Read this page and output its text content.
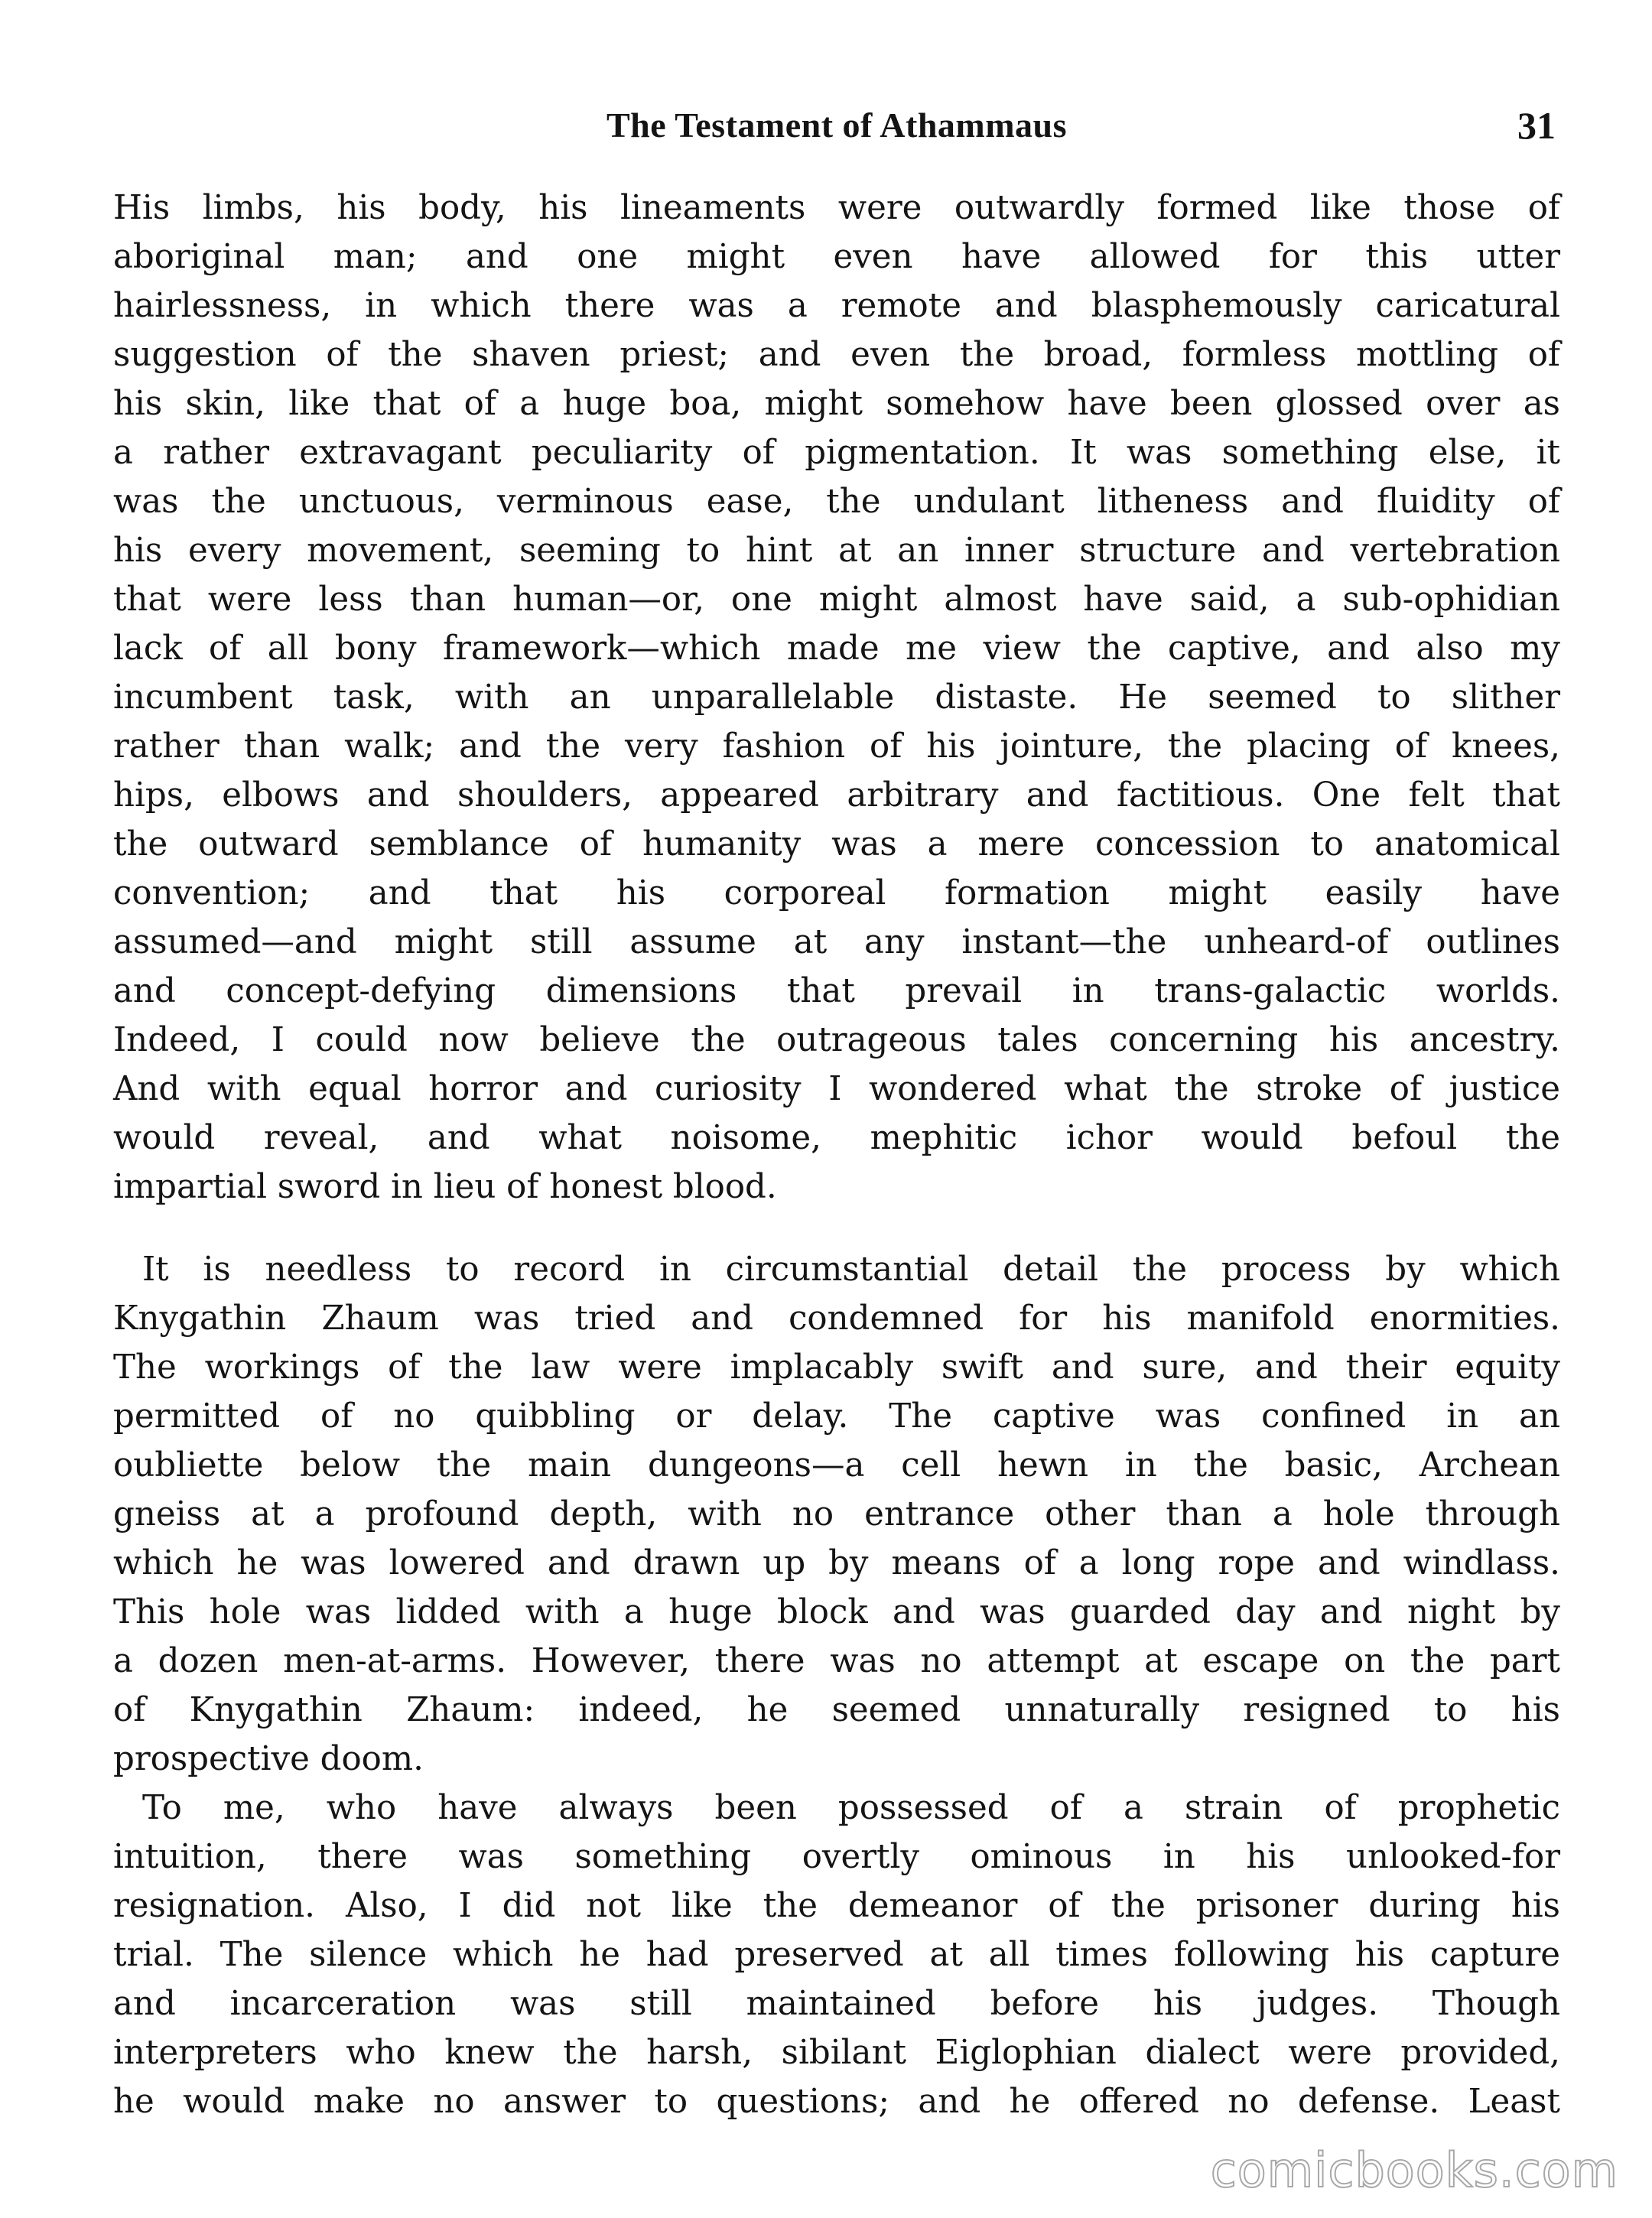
The Testament of Athammaus	31
His limbs, his body, his lineaments were outwardly formed like those of
aboriginal man; and one might even have allowed for this utter
hairlessness, in which there was a remote and blasphemously caricatural
suggestion of the shaven priest; and even the broad, formless mottling of
his skin, like that of a huge boa, might somehow have been glossed over as
a rather extravagant peculiarity of pigmentation. It was something else, it
was the unctuous, verminous ease, the undulant litheness and fluidity of
his every movement, seeming to hint at an inner structure and vertebration
that were less than human—or, one might almost have said, a sub-ophidian
lack of all bony framework—which made me view the captive, and also my
incumbent task, with an unparallelable distaste. He seemed to slither
rather than walk; and the very fashion of his jointure, the placing of knees,
hips, elbows and shoulders, appeared arbitrary and factitious. One felt that
the outward semblance of humanity was a mere concession to anatomical
convention; and that his corporeal formation might easily have
assumed—and might still assume at any instant—the unheard-of outlines
and concept-defying dimensions that prevail in trans-galactic worlds.
Indeed, I could now believe the outrageous tales concerning his ancestry.
And with equal horror and curiosity I wondered what the stroke of justice
would reveal, and what noisome, mephitic ichor would befoul the
impartial sword in lieu of honest blood.
It is needless to record in circumstantial detail the process by which
Knygathin Zhaum was tried and condemned for his manifold enormities.
The workings of the law were implacably swift and sure, and their equity
permitted of no quibbling or delay. The captive was confined in an
oubliette below the main dungeons—a cell hewn in the basic, Archean
gneiss at a profound depth, with no entrance other than a hole through
which he was lowered and drawn up by means of a long rope and windlass.
This hole was lidded with a huge block and was guarded day and night by
a dozen men-at-arms. However, there was no attempt at escape on the part
of Knygathin Zhaum: indeed, he seemed unnaturally resigned to his
prospective doom.
To me, who have always been possessed of a strain of prophetic
intuition, there was something overtly ominous in his unlooked-for
resignation. Also, I did not like the demeanor of the prisoner during his
trial. The silence which he had preserved at all times following his capture
and incarceration was still maintained before his judges. Though
interpreters who knew the harsh, sibilant Eiglophian dialect were provided,
he would make no answer to questions; and he offered no defense. Least
comicbooks.com
